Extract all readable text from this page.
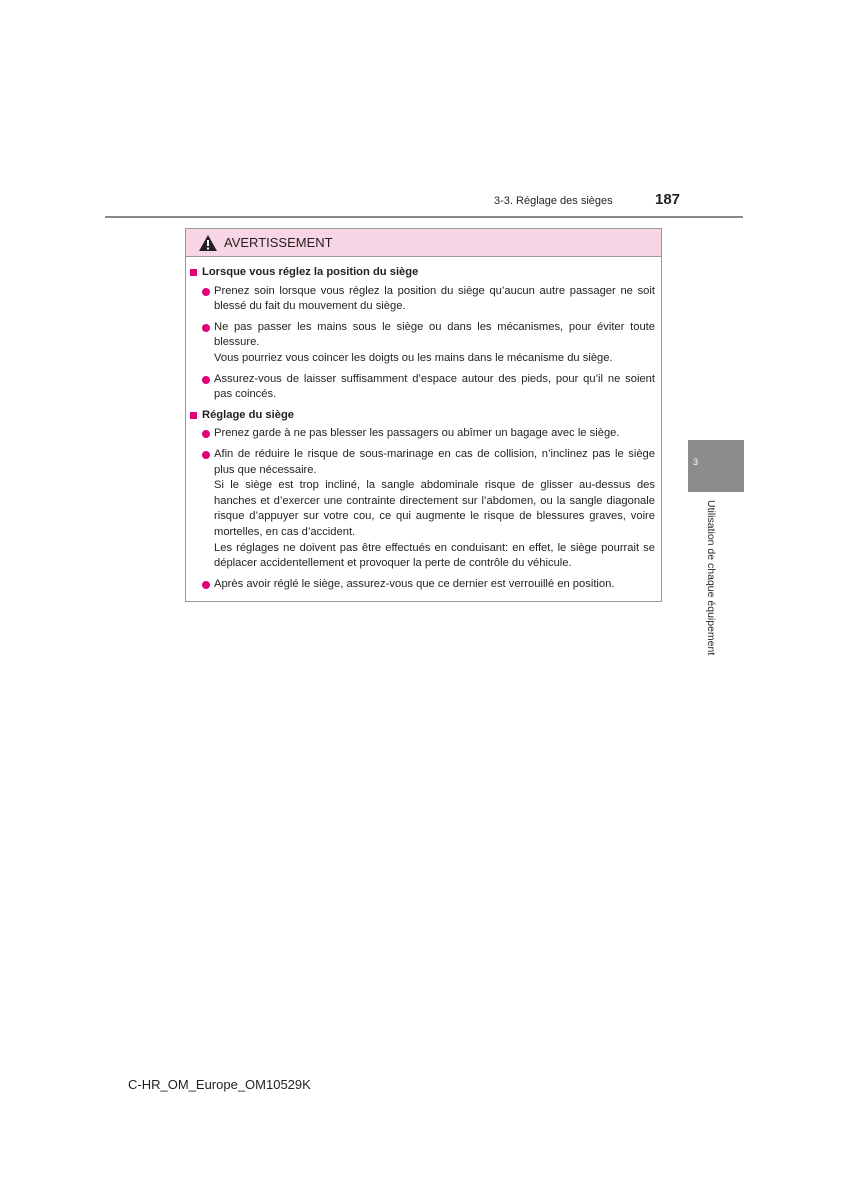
3-3. Réglage des sièges	187
AVERTISSEMENT
Lorsque vous réglez la position du siège

Prenez soin lorsque vous réglez la position du siège qu’aucun autre passager ne soit blessé du fait du mouvement du siège.

Ne pas passer les mains sous le siège ou dans les mécanismes, pour éviter toute blessure.

Vous pourriez vous coincer les doigts ou les mains dans le mécanisme du siège.

Assurez-vous de laisser suffisamment d’espace autour des pieds, pour qu’il ne soient pas coincés.

Réglage du siège

Prenez garde à ne pas blesser les passagers ou abîmer un bagage avec le siège.

Afin de réduire le risque de sous-marinage en cas de collision, n’inclinez pas le siège plus que nécessaire.

Si le siège est trop incliné, la sangle abdominale risque de glisser au-dessus des hanches et d’exercer une contrainte directement sur l’abdomen, ou la sangle diagonale risque d’appuyer sur votre cou, ce qui augmente le risque de blessures graves, voire mortelles, en cas d’accident.

Les réglages ne doivent pas être effectués en conduisant: en effet, le siège pourrait se déplacer accidentellement et provoquer la perte de contrôle du véhicule.

Après avoir réglé le siège, assurez-vous que ce dernier est verrouillé en position.

3
Utilisation de chaque équipement
C-HR_OM_Europe_OM10529K
